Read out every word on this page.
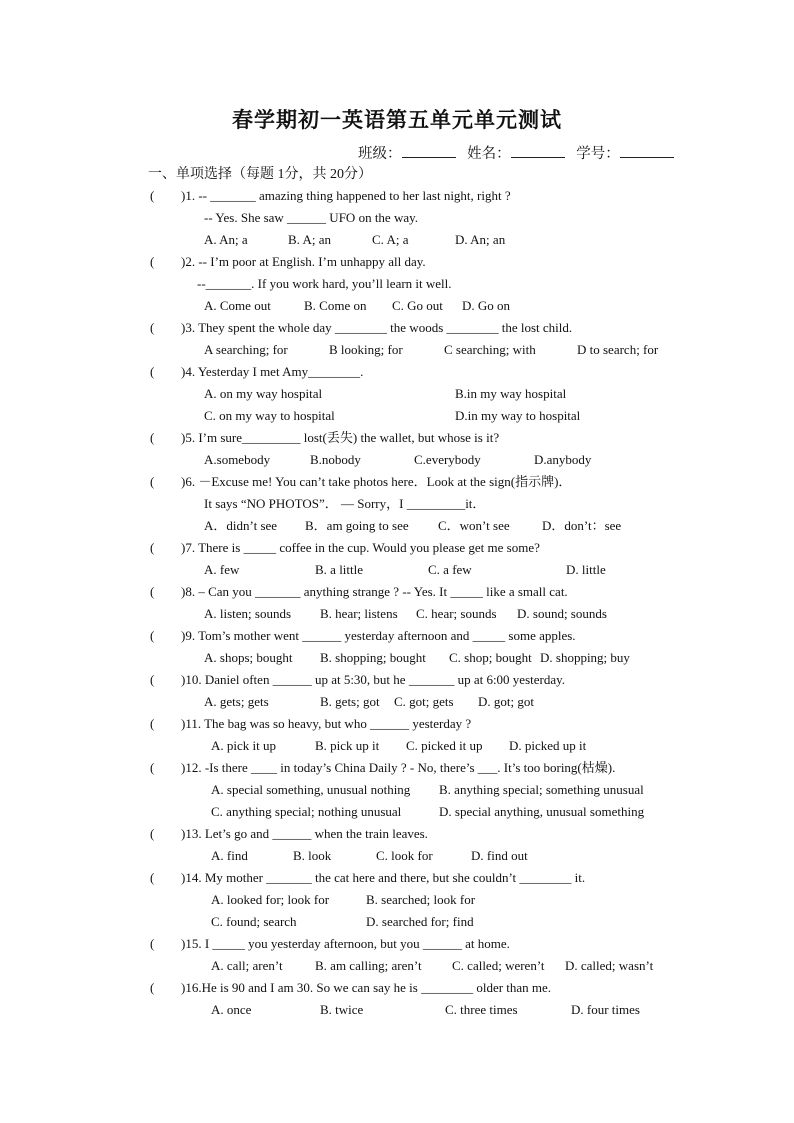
春学期初一英语第五单元单元测试
班级：	姓名：	学号：
一、单项选择（每题 1分，共 20分）
( )1. -- _______ amazing thing happened to her last night, right ?
-- Yes. She saw ______ UFO on the way.
A. An; a	B. A; an	C. A; a	D. An; an
( )2. -- I’m poor at English. I’m unhappy all day.
--_______. If you work hard, you’ll learn it well.
A. Come out	B. Come on C. Go out D. Go on
( )3. They spent the whole day ________ the woods ________ the lost child.
A searching; for	B looking; for	C searching; with	D to search; for
( )4. Yesterday I met Amy________.
A. on my way hospital	B.in my way hospital
C. on my way to hospital	D.in my way to hospital
( )5. I’m sure_________ lost(丢失) the wallet, but whose is it?
A.somebody	B.nobody	C.everybody	D.anybody
( )6. －Excuse me! You can’t take photos here．Look at the sign(指示牌)．
It says “NO PHOTOS”． — Sorry，I _________it．
A．didn’t see B．am going to see C．won’t see D．don’t：see
( )7. There is _____ coffee in the cup. Would you please get me some?
A. few	B. a little	C. a few	D. little
( )8. – Can you _______ anything strange ? -- Yes. It _____ like a small cat.
A. listen; sounds B. hear; listens C. hear; sounds D. sound; sounds
( )9. Tom’s mother went ______ yesterday afternoon and _____ some apples.
A. shops; bought B. shopping; bought C. shop; bought D. shopping; buy
( )10. Daniel often ______ up at 5:30, but he _______ up at 6:00 yesterday.
A. gets; gets	B. gets; got C. got; gets D. got; got
( )11. The bag was so heavy, but who ______ yesterday ?
A. pick it up	B. pick up it C. picked it up D. picked up it
( )12. -Is there ____ in today’s China Daily ? - No, there’s ___. It’s too boring(枯燥).
A. special something, unusual nothing B. anything special; something unusual
C. anything special; nothing unusual	D. special anything, unusual something
( )13. Let’s go and ______ when the train leaves.
A. find	B. look	C. look for	D. find out
( )14. My mother _______ the cat here and there, but she couldn’t ________ it.
A. looked for; look for	B. searched; look for
C. found; search	D. searched for; find
( )15. I _____ you yesterday afternoon, but you ______ at home.
A. call; aren’t B. am calling; aren’t C. called; weren’t D. called; wasn’t
( )16.He is 90 and I am 30. So we can say he is ________ older than me.
A. once	B. twice	C. three times	D. four times
